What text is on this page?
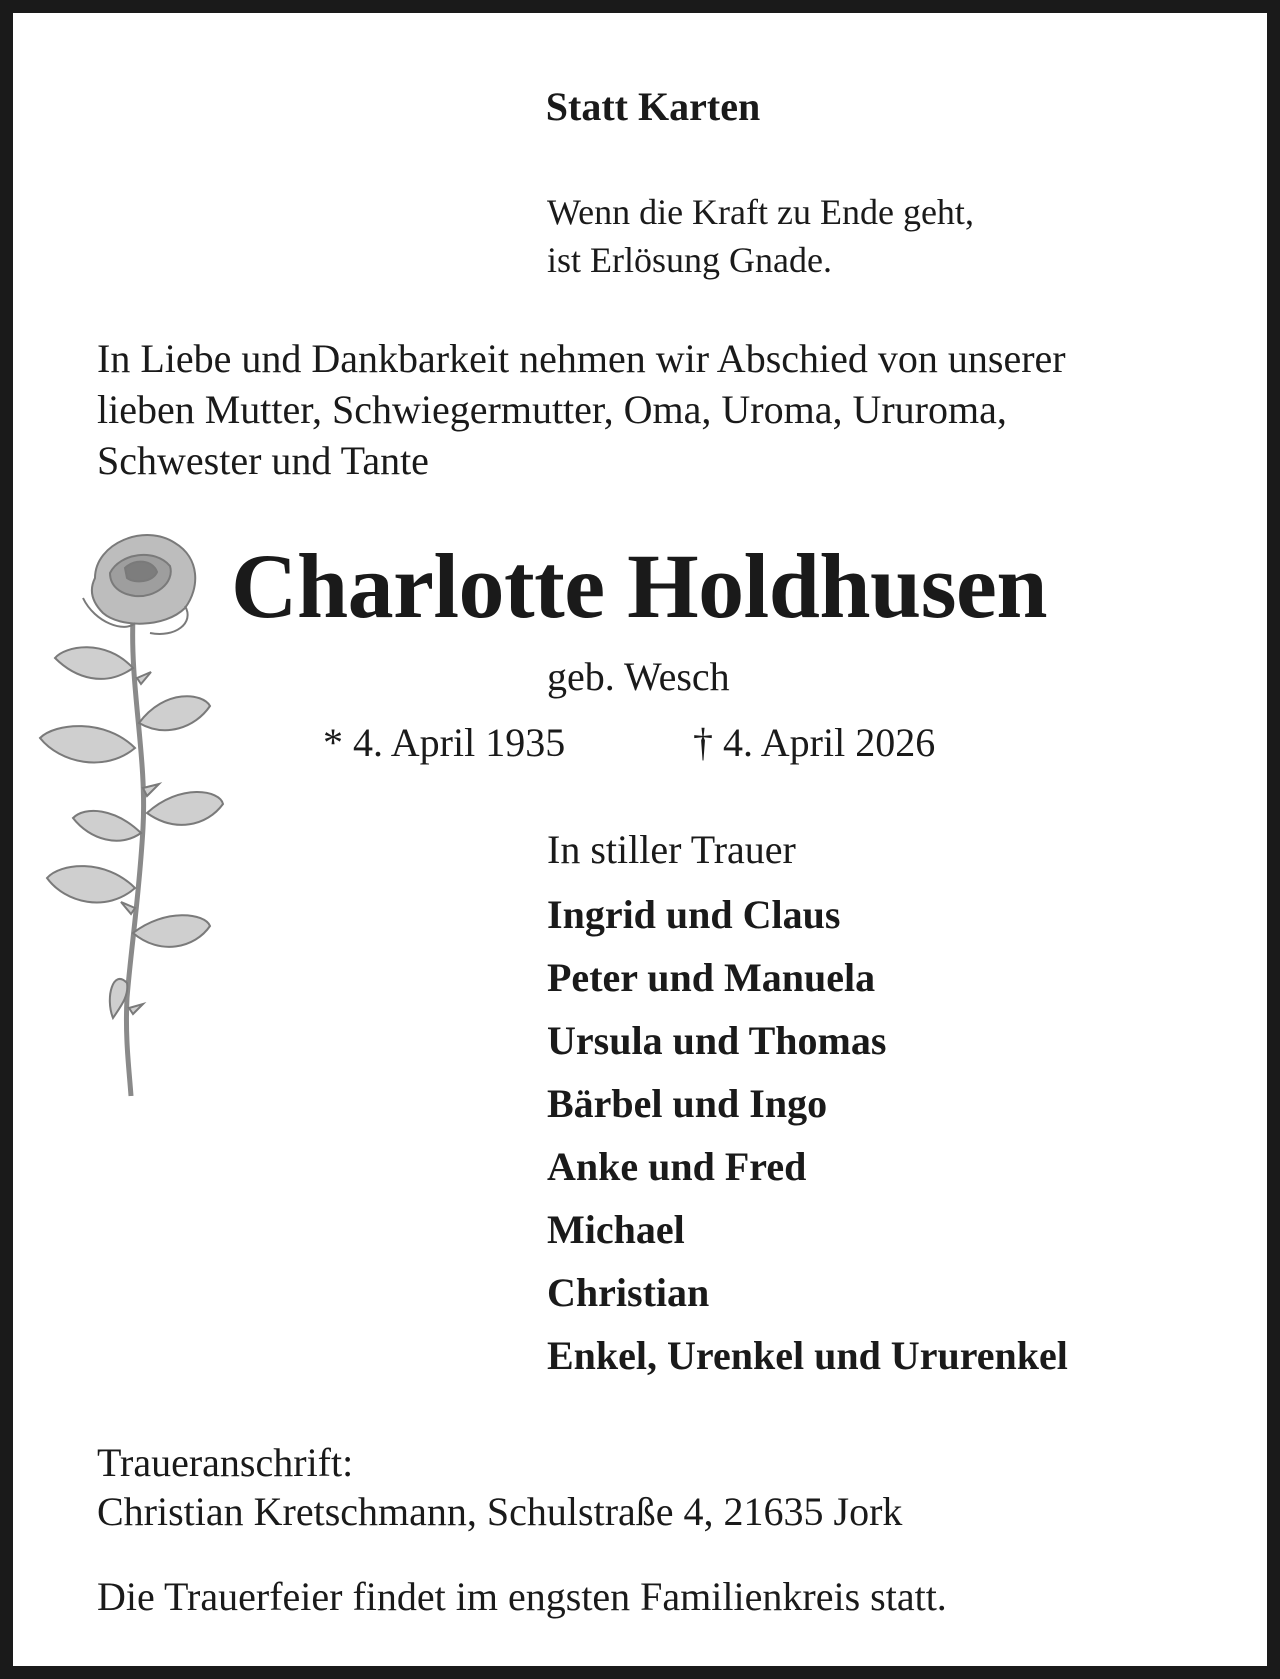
Statt Karten
Wenn die Kraft zu Ende geht,
ist Erlösung Gnade.
In Liebe und Dankbarkeit nehmen wir Abschied von unserer
lieben Mutter, Schwiegermutter, Oma, Uroma, Ururoma,
Schwester und Tante
Charlotte Holdhusen
geb. Wesch
* 4. April 1935	† 4. April 2026
In stiller Trauer
Ingrid und Claus
Peter und Manuela
Ursula und Thomas
Bärbel und Ingo
Anke und Fred
Michael
Christian
Enkel, Urenkel und Ururenkel
Traueranschrift:
Christian Kretschmann, Schulstraße 4, 21635 Jork
Die Trauerfeier findet im engsten Familienkreis statt.
